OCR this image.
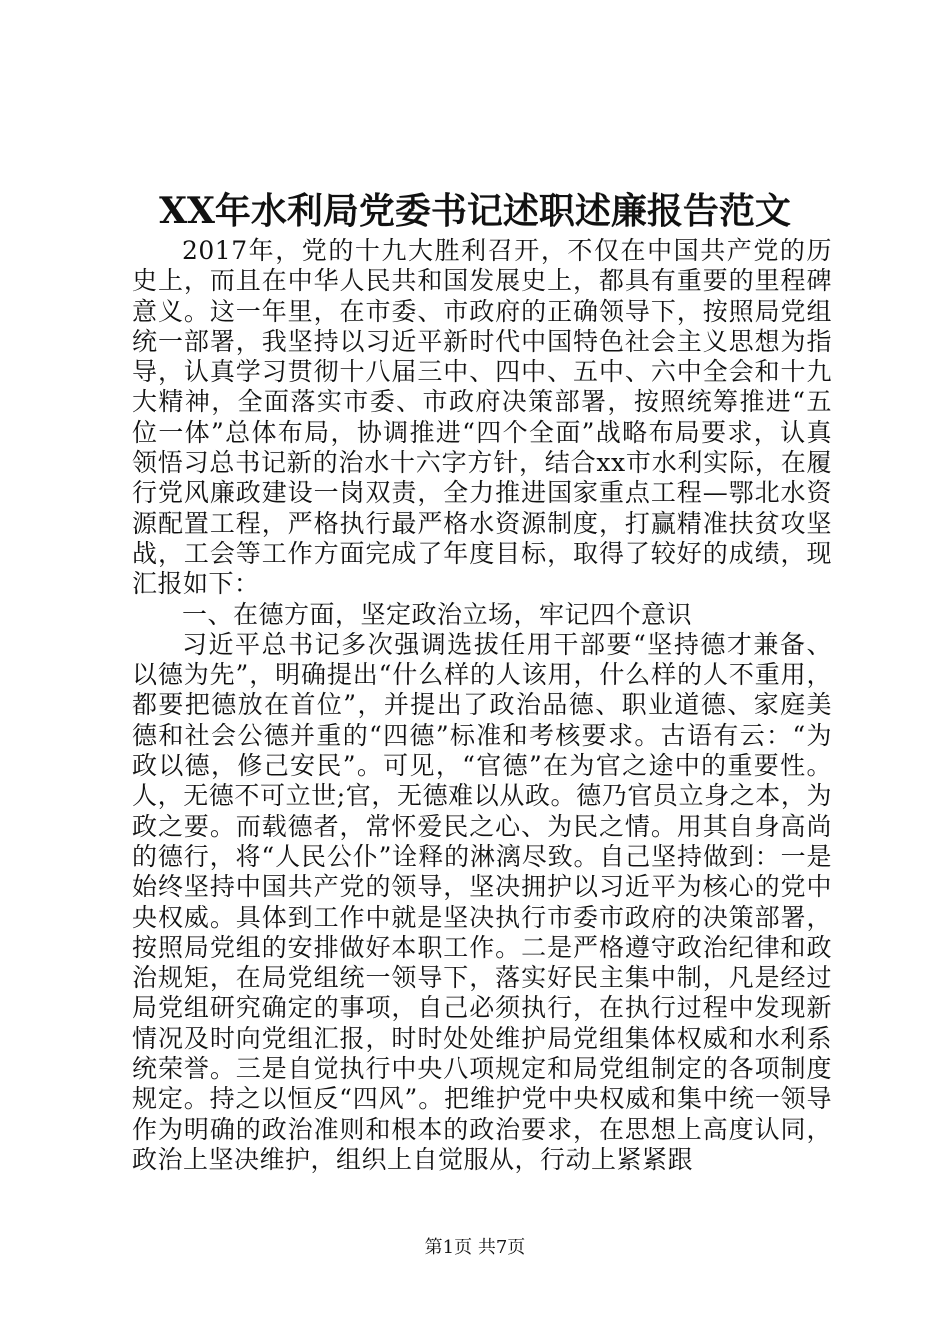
XX年水利局党委书记述职述廉报告范文

2017年，党的十九大胜利召开，不仅在中国共产党的历史上，而且在中华人民共和国发展史上，都具有重要的里程碑意义。这一年里，在市委、市政府的正确领导下，按照局党组统一部署，我坚持以习近平新时代中国特色社会主义思想为指导，认真学习贯彻十八届三中、四中、五中、六中全会和十九大精神，全面落实市委、市政府决策部署，按照统筹推进“五位一体”总体布局，协调推进“四个全面”战略布局要求，认真领悟习总书记新的治水十六字方针，结合xx市水利实际，在履行党风廉政建设一岗双责，全力推进国家重点工程—鄂北水资源配置工程，严格执行最严格水资源制度，打赢精准扶贫攻坚战，工会等工作方面完成了年度目标，取得了较好的成绩，现汇报如下：

一、在德方面，坚定政治立场，牢记四个意识

习近平总书记多次强调选拔任用干部要“坚持德才兼备、以德为先”，明确提出“什么样的人该用，什么样的人不重用，都要把德放在首位”，并提出了政治品德、职业道德、家庭美德和社会公德并重的“四德”标准和考核要求。古语有云：“为政以德，修己安民”。可见，“官德”在为官之途中的重要性。人，无德不可立世;官，无德难以从政。德乃官员立身之本，为政之要。而载德者，常怀爱民之心、为民之情。用其自身高尚的德行，将“人民公仆”诠释的淋漓尽致。自己坚持做到：一是始终坚持中国共产党的领导，坚决拥护以习近平为核心的党中央权威。具体到工作中就是坚决执行市委市政府的决策部署，按照局党组的安排做好本职工作。二是严格遵守政治纪律和政治规矩，在局党组统一领导下，落实好民主集中制，凡是经过局党组研究确定的事项，自己必须执行，在执行过程中发现新情况及时向党组汇报，时时处处维护局党组集体权威和水利系统荣誉。三是自觉执行中央八项规定和局党组制定的各项制度规定。持之以恒反“四风”。把维护党中央权威和集中统一领导作为明确的政治准则和根本的政治要求，在思想上高度认同，政治上坚决维护，组织上自觉服从，行动上紧紧跟

第1页 共7页
